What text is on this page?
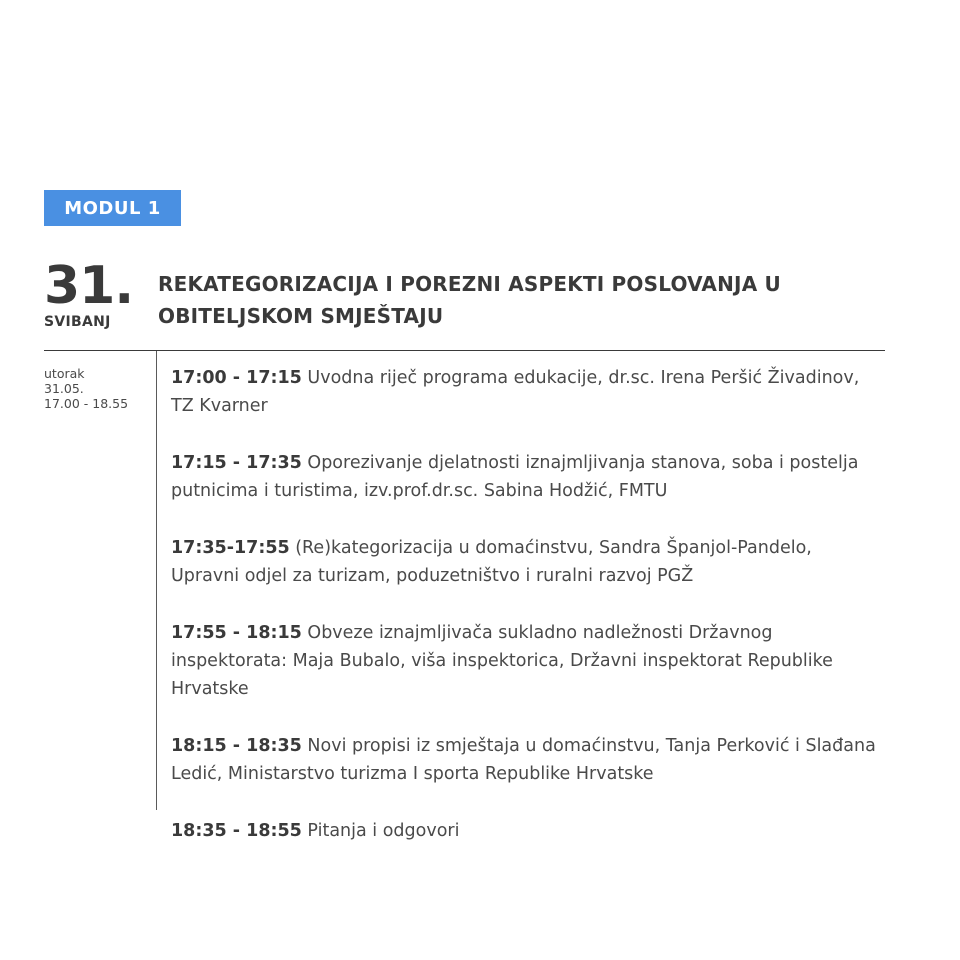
MODUL 1
31.
SVIBANJ
REKATEGORIZACIJA I POREZNI ASPEKTI POSLOVANJA U OBITELJSKOM SMJEŠTAJU
utorak
31.05.
17.00 - 18.55
17:00 - 17:15 Uvodna riječ programa edukacije, dr.sc. Irena Peršić Živadinov, TZ Kvarner
17:15 - 17:35 Oporezivanje djelatnosti iznajmljivanja stanova, soba i postelja putnicima i turistima, izv.prof.dr.sc. Sabina Hodžić, FMTU
17:35-17:55 (Re)kategorizacija u domaćinstvu, Sandra Španjol-Pandelo, Upravni odjel za turizam, poduzetništvo i ruralni razvoj PGŽ
17:55 - 18:15 Obveze iznajmljivača sukladno nadležnosti Državnog inspektorata: Maja Bubalo, viša inspektorica, Državni inspektorat Republike Hrvatske
18:15 - 18:35 Novi propisi iz smještaja u domaćinstvu, Tanja Perković i Slađana Ledić, Ministarstvo turizma I sporta Republike Hrvatske
18:35 - 18:55 Pitanja i odgovori
